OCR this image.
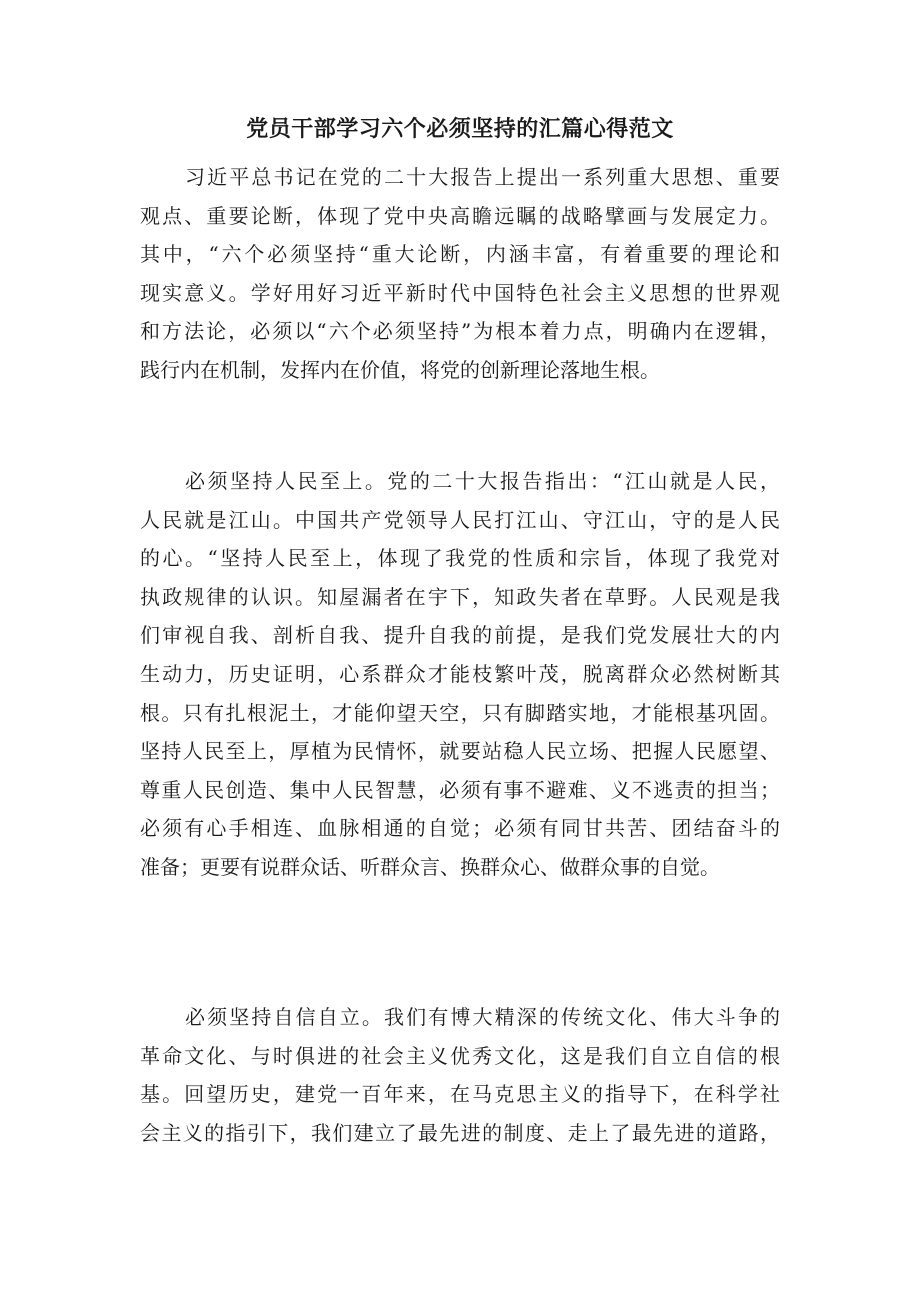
党员干部学习六个必须坚持的汇篇心得范文
习近平总书记在党的二十大报告上提出一系列重大思想、重要
观点、重要论断，体现了党中央高瞻远瞩的战略擘画与发展定力。
其中，“六个必须坚持“重大论断，内涵丰富，有着重要的理论和
现实意义。学好用好习近平新时代中国特色社会主义思想的世界观
和方法论，必须以“六个必须坚持”为根本着力点，明确内在逻辑，
践行内在机制，发挥内在价值，将党的创新理论落地生根。
必须坚持人民至上。党的二十大报告指出：“江山就是人民，
人民就是江山。中国共产党领导人民打江山、守江山，守的是人民
的心。“坚持人民至上，体现了我党的性质和宗旨，体现了我党对
执政规律的认识。知屋漏者在宇下，知政失者在草野。人民观是我
们审视自我、剖析自我、提升自我的前提，是我们党发展壮大的内
生动力，历史证明，心系群众才能枝繁叶茂，脱离群众必然树断其
根。只有扎根泥土，才能仰望天空，只有脚踏实地，才能根基巩固。
坚持人民至上，厚植为民情怀，就要站稳人民立场、把握人民愿望、
尊重人民创造、集中人民智慧，必须有事不避难、义不逃责的担当；
必须有心手相连、血脉相通的自觉；必须有同甘共苦、团结奋斗的
准备；更要有说群众话、听群众言、换群众心、做群众事的自觉。
必须坚持自信自立。我们有博大精深的传统文化、伟大斗争的
革命文化、与时俱进的社会主义优秀文化，这是我们自立自信的根
基。回望历史，建党一百年来，在马克思主义的指导下，在科学社
会主义的指引下，我们建立了最先进的制度、走上了最先进的道路，
